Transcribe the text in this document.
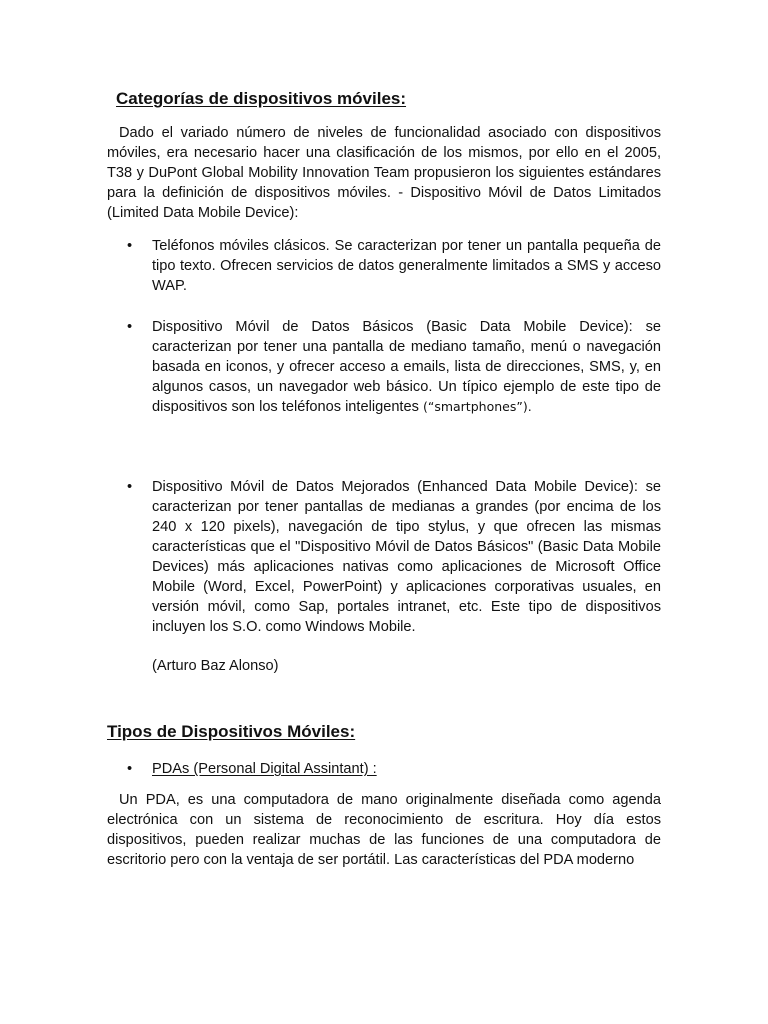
Categorías de dispositivos móviles:
Dado el variado número de niveles de funcionalidad asociado con dispositivos móviles, era necesario hacer una clasificación de los mismos, por ello en el 2005, T38 y DuPont Global Mobility Innovation Team propusieron los siguientes estándares para la definición de dispositivos móviles. - Dispositivo Móvil de Datos Limitados (Limited Data Mobile Device):
• Teléfonos móviles clásicos. Se caracterizan por tener un pantalla pequeña de tipo texto. Ofrecen servicios de datos generalmente limitados a SMS y acceso WAP.
• Dispositivo Móvil de Datos Básicos (Basic Data Mobile Device): se caracterizan por tener una pantalla de mediano tamaño, menú o navegación basada en iconos, y ofrecer acceso a emails, lista de direcciones, SMS, y, en algunos casos, un navegador web básico. Un típico ejemplo de este tipo de dispositivos son los teléfonos inteligentes (“smartphones”).
• Dispositivo Móvil de Datos Mejorados (Enhanced Data Mobile Device): se caracterizan por tener pantallas de medianas a grandes (por encima de los 240 x 120 pixels), navegación de tipo stylus, y que ofrecen las mismas características que el "Dispositivo Móvil de Datos Básicos" (Basic Data Mobile Devices) más aplicaciones nativas como aplicaciones de Microsoft Office Mobile (Word, Excel, PowerPoint) y aplicaciones corporativas usuales, en versión móvil, como Sap, portales intranet, etc. Este tipo de dispositivos incluyen los S.O. como Windows Mobile.
(Arturo Baz Alonso)
Tipos de Dispositivos Móviles:
• PDAs (Personal Digital Assintant) :
Un PDA, es una computadora de mano originalmente diseñada como agenda electrónica con un sistema de reconocimiento de escritura. Hoy día estos dispositivos, pueden realizar muchas de las funciones de una computadora de escritorio pero con la ventaja de ser portátil. Las características del PDA moderno
